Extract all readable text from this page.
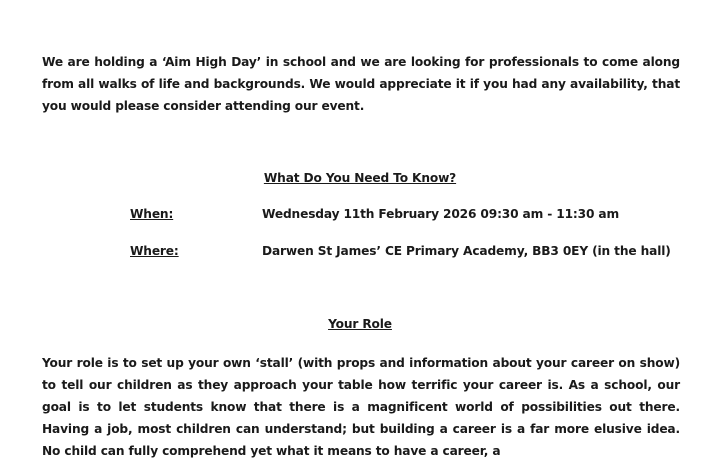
We are holding a ‘Aim High Day’ in school and we are looking for professionals to come along from all walks of life and backgrounds. We would appreciate it if you had any availability, that you would please consider attending our event.
What Do You Need To Know?
When:	Wednesday 11th February 2026 09:30 am - 11:30 am
Where:	Darwen St James’ CE Primary Academy, BB3 0EY (in the hall)
Your Role
Your role is to set up your own ‘stall’ (with props and information about your career on show) to tell our children as they approach your table how terrific your career is. As a school, our goal is to let students know that there is a magnificent world of possibilities out there. Having a job, most children can understand; but building a career is a far more elusive idea. No child can fully comprehend yet what it means to have a career, a
